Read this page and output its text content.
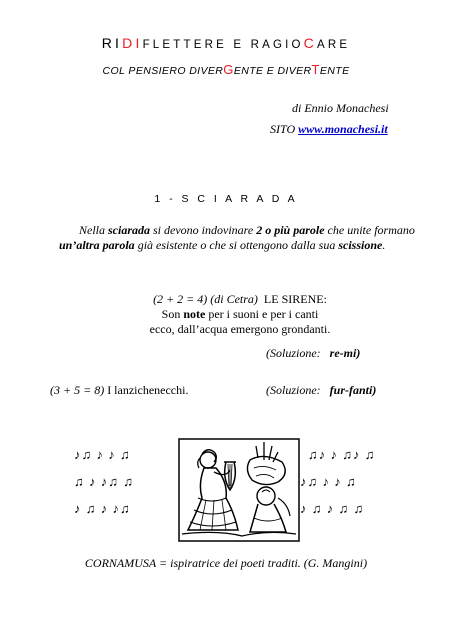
RIDIFLETTERE E RAGIOCARE
COL PENSIERO DIVERGENTE E DIVERTENTE
di Ennio Monachesi
SITO www.monachesi.it
1 - S C I A R A D A
Nella sciarada si devono indovinare 2 o più parole che unite formano un’altra parola già esistente o che si ottengono dalla sua scissione.
(2 + 2 = 4) (di Cetra) LE SIRENE:
Son note per i suoni e per i canti
ecco, dall’acqua emergono grondanti.
(Soluzione: re-mi)
(3 + 5 = 8) I lanzichenecchi.	(Soluzione: fur-fanti)
♪♫ ♪ ♪ ♫
♫ ♪ ♪♫ ♫
♪ ♫ ♪ ♪♫
♫♪ ♪ ♫♪ ♫
♪♫ ♪ ♪ ♫
♪ ♫ ♪ ♫ ♫
CORNAMUSA = ispiratrice dei poeti traditi. (G. Mangini)
